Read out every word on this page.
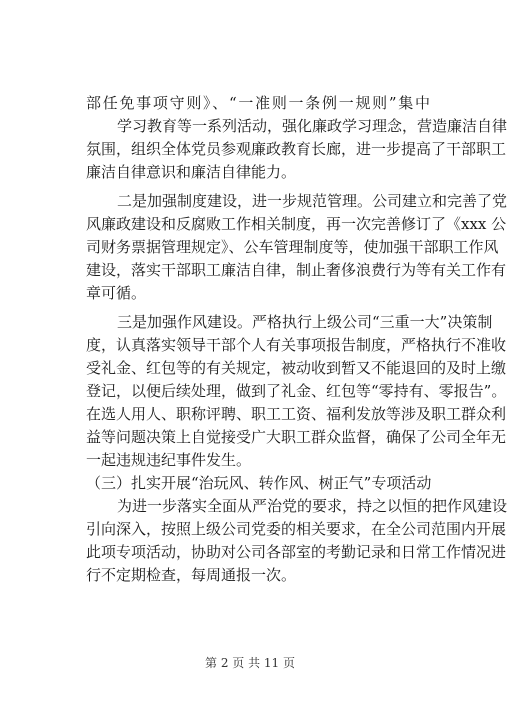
部任免事项守则》、“一准则一条例一规则”集中
学习教育等一系列活动，强化廉政学习理念，营造廉洁自律
氛围，组织全体党员参观廉政教育长廊，进一步提高了干部职工
廉洁自律意识和廉洁自律能力。
二是加强制度建设，进一步规范管理。公司建立和完善了党
风廉政建设和反腐败工作相关制度，再一次完善修订了《xxx 公
司财务票据管理规定》、公车管理制度等，使加强干部职工作风
建设，落实干部职工廉洁自律，制止奢侈浪费行为等有关工作有
章可循。
三是加强作风建设。严格执行上级公司“三重一大”决策制
度，认真落实领导干部个人有关事项报告制度，严格执行不准收
受礼金、红包等的有关规定，被动收到暂又不能退回的及时上缴
登记，以便后续处理，做到了礼金、红包等“零持有、零报告”。
在选人用人、职称评聘、职工工资、福利发放等涉及职工群众利
益等问题决策上自觉接受广大职工群众监督，确保了公司全年无
一起违规违纪事件发生。
（三）扎实开展“治玩风、转作风、树正气”专项活动
为进一步落实全面从严治党的要求，持之以恒的把作风建设
引向深入，按照上级公司党委的相关要求，在全公司范围内开展
此项专项活动，协助对公司各部室的考勤记录和日常工作情况进
行不定期检查，每周通报一次。
第 2 页 共 11 页
